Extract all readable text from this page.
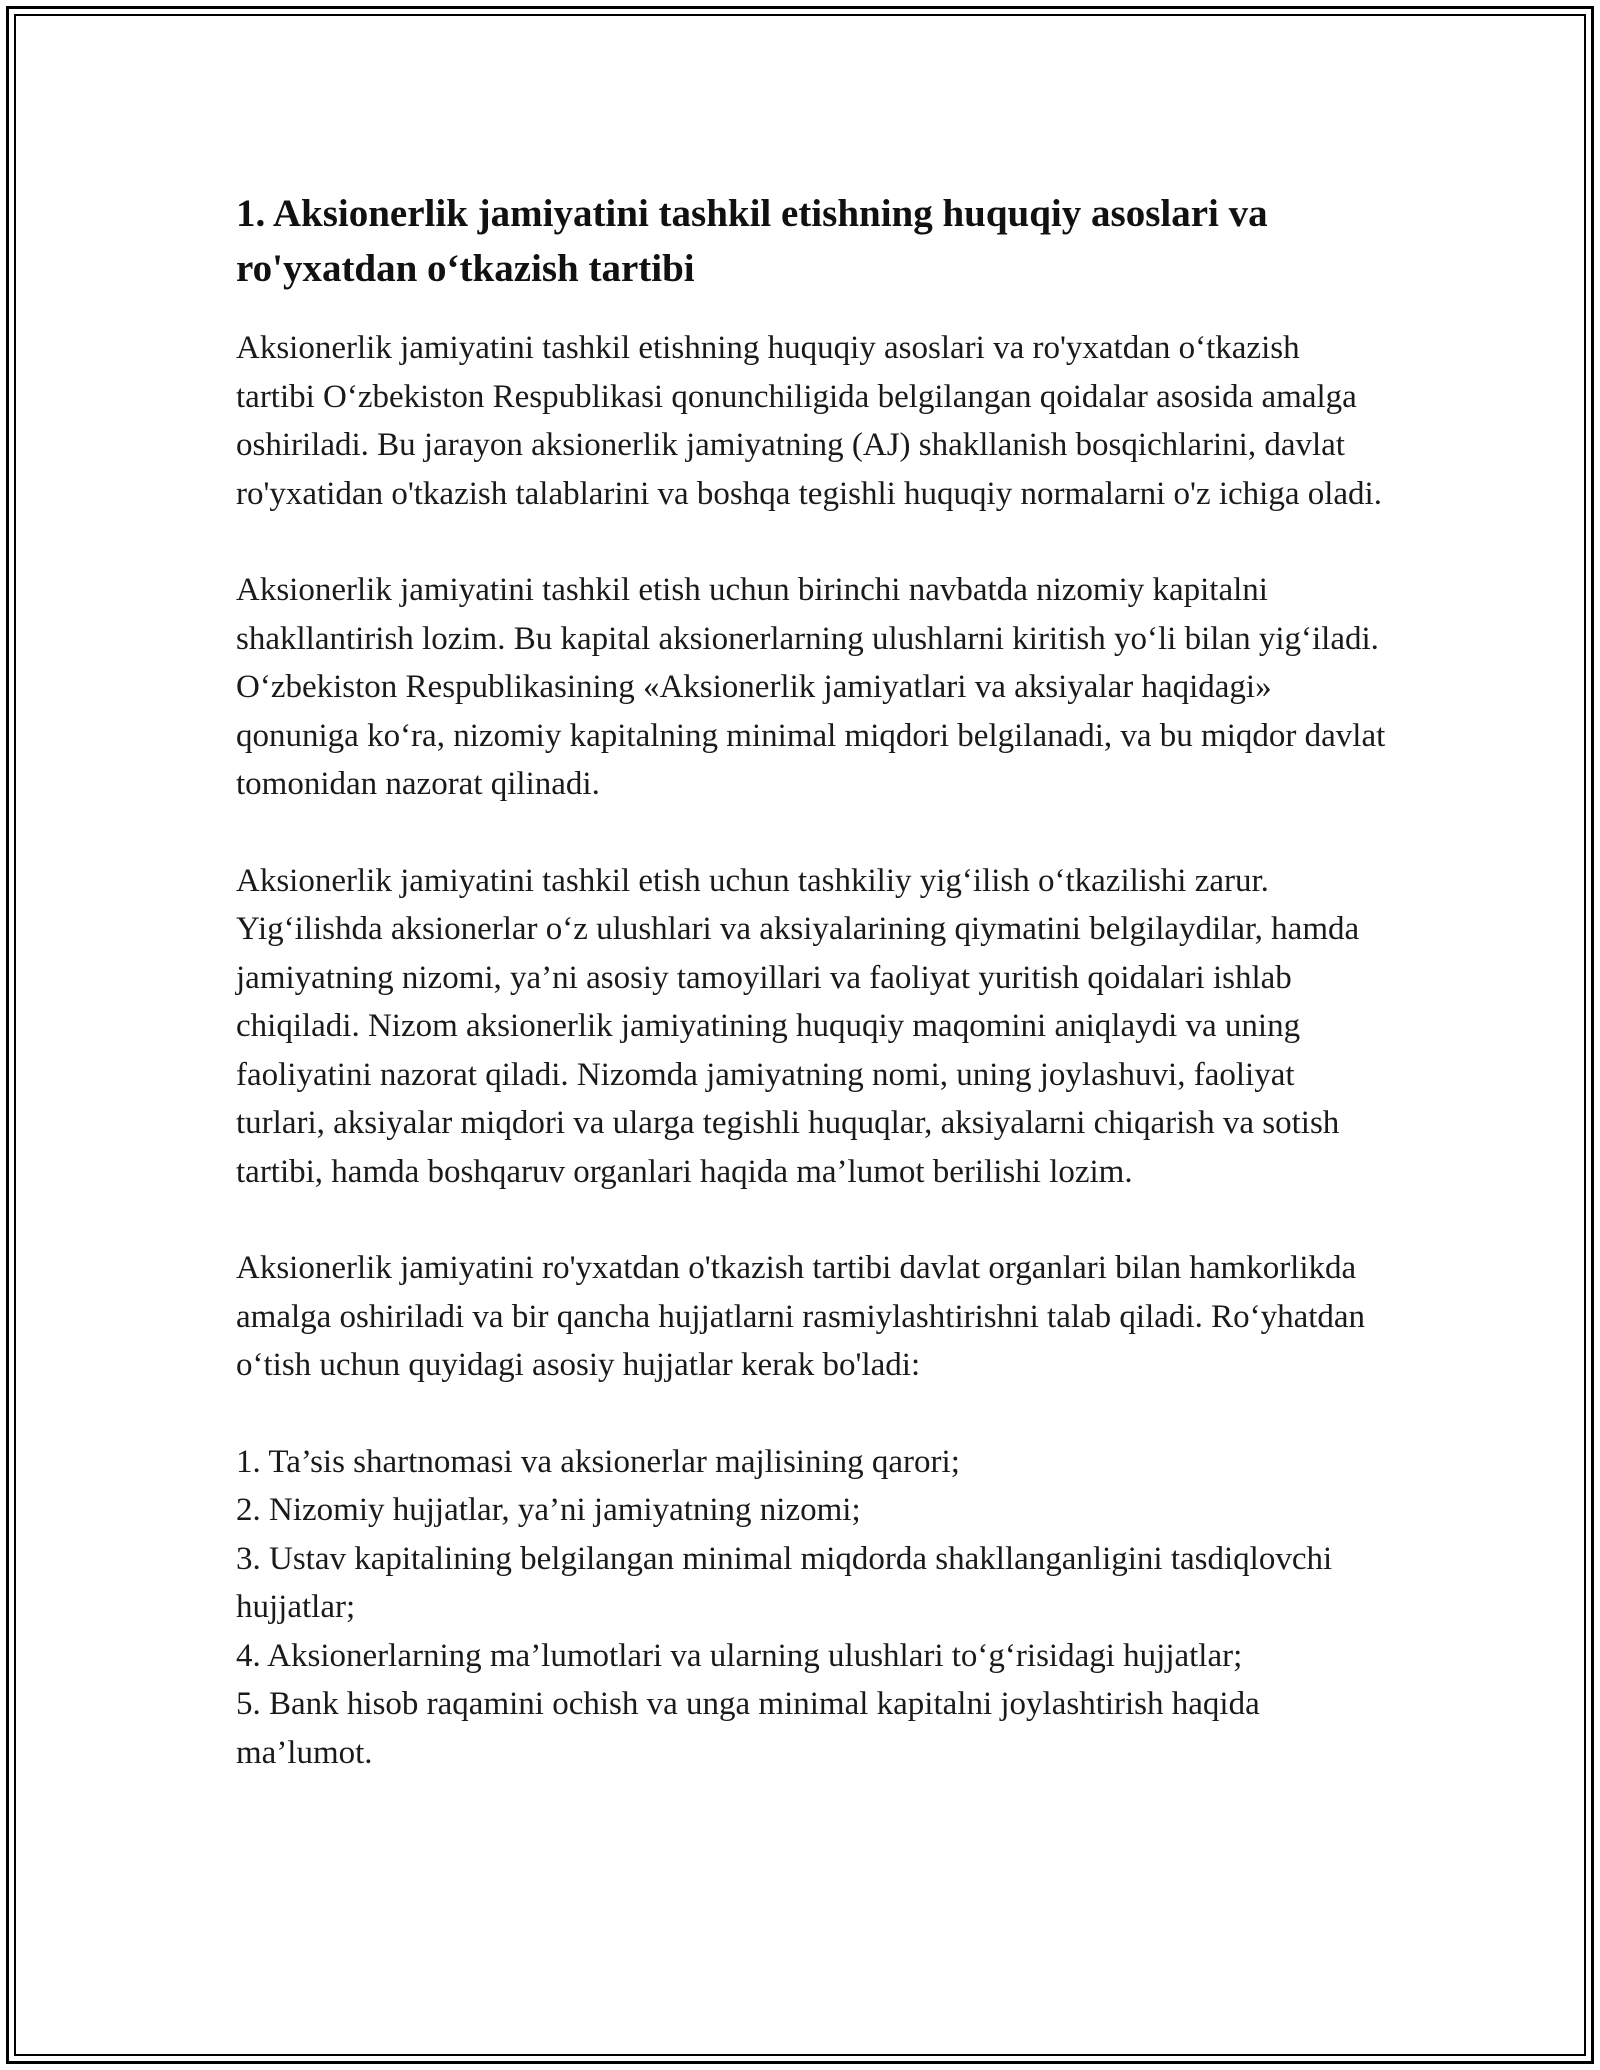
1. Aksionerlik jamiyatini tashkil etishning huquqiy asoslari va ro'yxatdan o‘tkazish tartibi

Aksionerlik jamiyatini tashkil etishning huquqiy asoslari va ro'yxatdan o‘tkazish tartibi O‘zbekiston Respublikasi qonunchiligida belgilangan qoidalar asosida amalga oshiriladi. Bu jarayon aksionerlik jamiyatning (AJ) shakllanish bosqichlarini, davlat ro'yxatidan o'tkazish talablarini va boshqa tegishli huquqiy normalarni o'z ichiga oladi.

Aksionerlik jamiyatini tashkil etish uchun birinchi navbatda nizomiy kapitalni shakllantirish lozim. Bu kapital aksionerlarning ulushlarni kiritish yo‘li bilan yig‘iladi. O‘zbekiston Respublikasining «Aksionerlik jamiyatlari va aksiyalar haqidagi» qonuniga ko‘ra, nizomiy kapitalning minimal miqdori belgilanadi, va bu miqdor davlat tomonidan nazorat qilinadi.

Aksionerlik jamiyatini tashkil etish uchun tashkiliy yig‘ilish o‘tkazilishi zarur. Yig‘ilishda aksionerlar o‘z ulushlari va aksiyalarining qiymatini belgilaydilar, hamda jamiyatning nizomi, ya’ni asosiy tamoyillari va faoliyat yuritish qoidalari ishlab chiqiladi. Nizom aksionerlik jamiyatining huquqiy maqomini aniqlaydi va uning faoliyatini nazorat qiladi. Nizomda jamiyatning nomi, uning joylashuvi, faoliyat turlari, aksiyalar miqdori va ularga tegishli huquqlar, aksiyalarni chiqarish va sotish tartibi, hamda boshqaruv organlari haqida ma’lumot berilishi lozim.

Aksionerlik jamiyatini ro'yxatdan o'tkazish tartibi davlat organlari bilan hamkorlikda amalga oshiriladi va bir qancha hujjatlarni rasmiylashtirishni talab qiladi. Ro‘yhatdan o‘tish uchun quyidagi asosiy hujjatlar kerak bo'ladi:

1. Ta’sis shartnomasi va aksionerlar majlisining qarori;
2. Nizomiy hujjatlar, ya’ni jamiyatning nizomi;
3. Ustav kapitalining belgilangan minimal miqdorda shakllanganligini tasdiqlovchi hujjatlar;
4. Aksionerlarning ma’lumotlari va ularning ulushlari to‘g‘risidagi hujjatlar;
5. Bank hisob raqamini ochish va unga minimal kapitalni joylashtirish haqida ma’lumot.
